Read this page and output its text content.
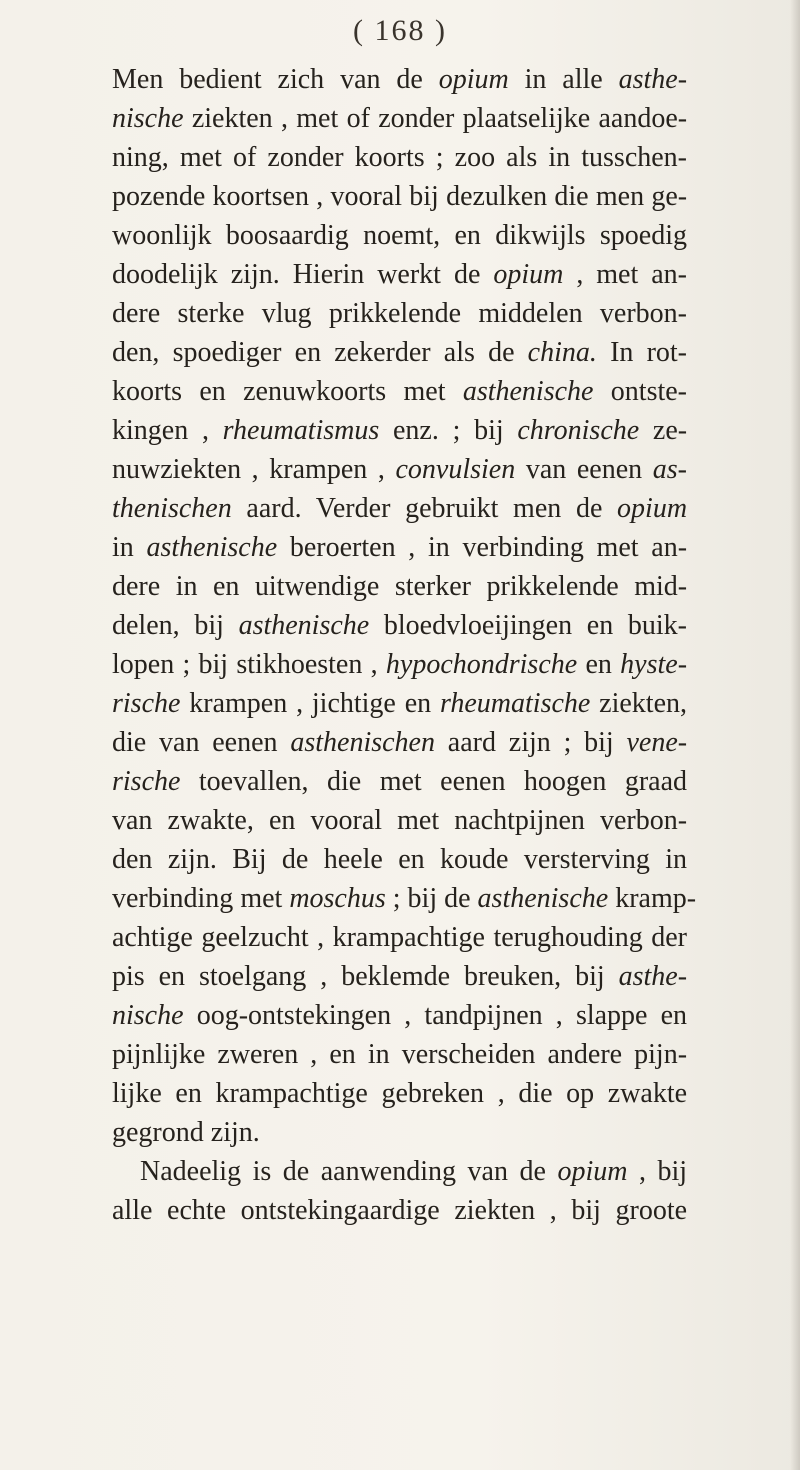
( 168 )
Men bedient zich van de opium in alle asthe-
nische ziekten , met of zonder plaatselijke aandoe-
ning, met of zonder koorts ; zoo als in tusschen-
pozende koortsen , vooral bij dezulken die men ge-
woonlijk boosaardig noemt, en dikwijls spoedig
doodelijk zijn. Hierin werkt de opium , met an-
dere sterke vlug prikkelende middelen verbon-
den, spoediger en zekerder als de china. In rot-
koorts en zenuwkoorts met asthenische ontste-
kingen , rheumatismus enz. ; bij chronische ze-
nuwziekten , krampen , convulsien van eenen as-
thenischen aard. Verder gebruikt men de opium
in asthenische beroerten , in verbinding met an-
dere in en uitwendige sterker prikkelende mid-
delen, bij asthenische bloedvloeijingen en buik-
lopen ; bij stikhoesten , hypochondrische en hyste-
rische krampen , jichtige en rheumatische ziekten,
die van eenen asthenischen aard zijn ; bij vene-
rische toevallen, die met eenen hoogen graad
van zwakte, en vooral met nachtpijnen verbon-
den zijn. Bij de heele en koude versterving in
verbinding met moschus ; bij de asthenische kramp-
achtige geelzucht , krampachtige terughouding der
pis en stoelgang , beklemde breuken, bij asthe-
nische oog-ontstekingen , tandpijnen , slappe en
pijnlijke zweren , en in verscheiden andere pijn-
lijke en krampachtige gebreken , die op zwakte
gegrond zijn.
Nadeelig is de aanwending van de opium , bij
alle echte ontstekingaardige ziekten , bij groote
